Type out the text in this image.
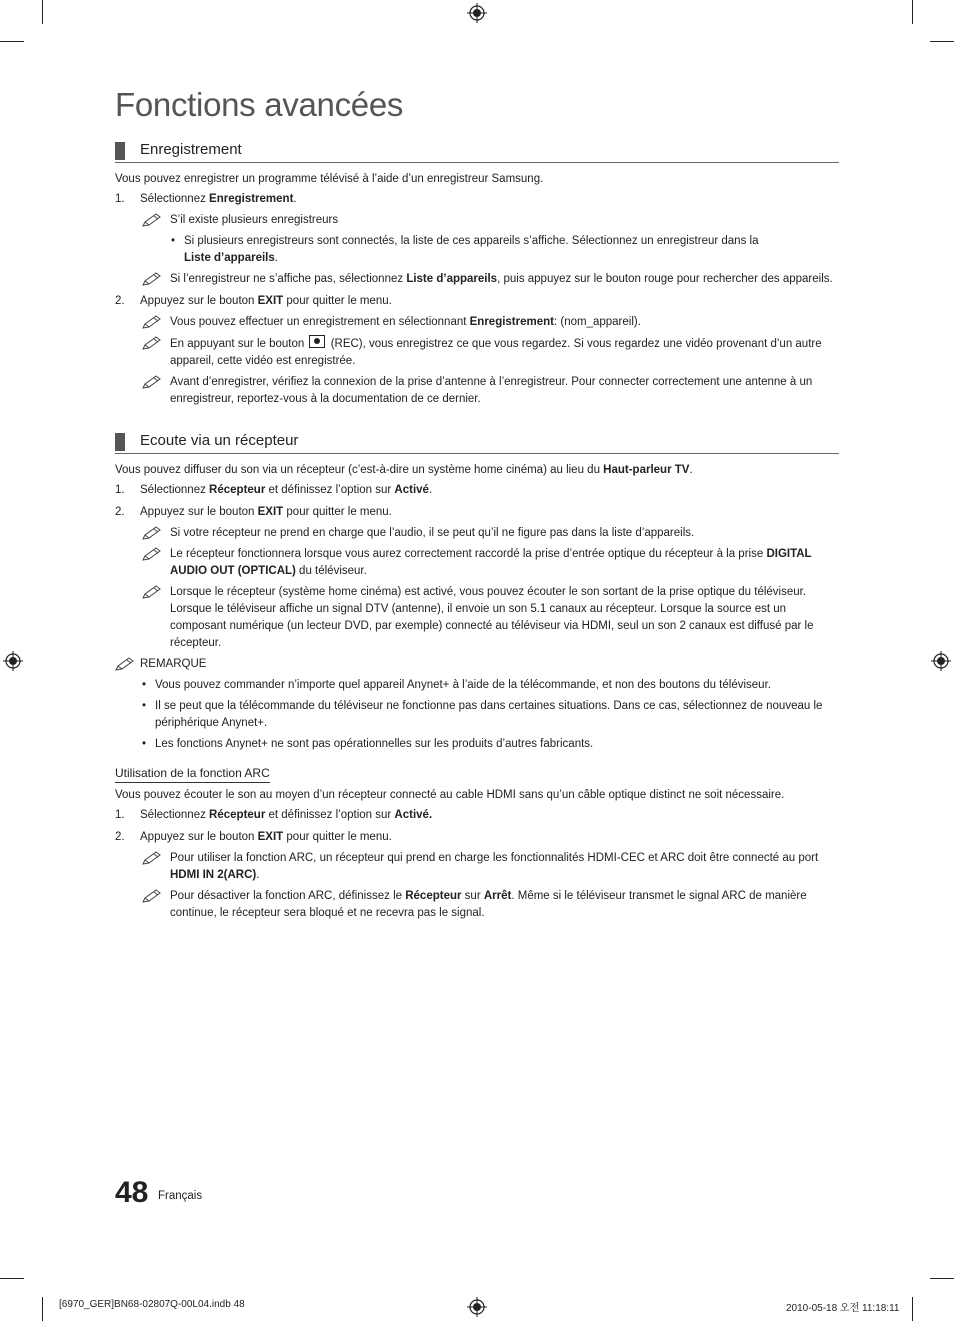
Fonctions avancées
Enregistrement

Vous pouvez enregistrer un programme télévisé à l’aide d’un enregistreur Samsung.

1. Sélectionnez Enregistrement.
S’il existe plusieurs enregistreurs
• Si plusieurs enregistreurs sont connectés, la liste de ces appareils s’affiche. Sélectionnez un enregistreur dans la
Liste d’appareils.
Si l’enregistreur ne s’affiche pas, sélectionnez Liste d’appareils, puis appuyez sur le bouton rouge pour rechercher des appareils.
2. Appuyez sur le bouton EXIT pour quitter le menu.
Vous pouvez effectuer un enregistrement en sélectionnant Enregistrement: (nom_appareil).
En appuyant sur le bouton (REC), vous enregistrez ce que vous regardez. Si vous regardez une vidéo provenant d’un autre appareil, cette vidéo est enregistrée.
Avant d’enregistrer, vérifiez la connexion de la prise d’antenne à l’enregistreur. Pour connecter correctement une antenne à un enregistreur, reportez-vous à la documentation de ce dernier.
Ecoute via un récepteur

Vous pouvez diffuser du son via un récepteur (c’est-à-dire un système home cinéma) au lieu du Haut-parleur TV.

1. Sélectionnez Récepteur et définissez l’option sur Activé.
2. Appuyez sur le bouton EXIT pour quitter le menu.
Si votre récepteur ne prend en charge que l’audio, il se peut qu’il ne figure pas dans la liste d’appareils.
Le récepteur fonctionnera lorsque vous aurez correctement raccordé la prise d’entrée optique du récepteur à la prise DIGITAL AUDIO OUT (OPTICAL) du téléviseur.
Lorsque le récepteur (système home cinéma) est activé, vous pouvez écouter le son sortant de la prise optique du téléviseur. Lorsque le téléviseur affiche un signal DTV (antenne), il envoie un son 5.1 canaux au récepteur. Lorsque la source est un composant numérique (un lecteur DVD, par exemple) connecté au téléviseur via HDMI, seul un son 2 canaux est diffusé par le récepteur.
REMARQUE
• Vous pouvez commander n’importe quel appareil Anynet+ à l’aide de la télécommande, et non des boutons du téléviseur.
• Il se peut que la télécommande du téléviseur ne fonctionne pas dans certaines situations. Dans ce cas, sélectionnez de nouveau le périphérique Anynet+.
• Les fonctions Anynet+ ne sont pas opérationnelles sur les produits d’autres fabricants.
Utilisation de la fonction ARC

Vous pouvez écouter le son au moyen d’un récepteur connecté au cable HDMI sans qu’un câble optique distinct ne soit nécessaire.

1. Sélectionnez Récepteur et définissez l’option sur Activé.
2. Appuyez sur le bouton EXIT pour quitter le menu.
Pour utiliser la fonction ARC, un récepteur qui prend en charge les fonctionnalités HDMI-CEC et ARC doit être connecté au port HDMI IN 2(ARC).
Pour désactiver la fonction ARC, définissez le Récepteur sur Arrêt. Même si le téléviseur transmet le signal ARC de manière continue, le récepteur sera bloqué et ne recevra pas le signal.
48 Français
[6970_GER]BN68-02807Q-00L04.indb 48	2010-05-18 오전 11:18:11
